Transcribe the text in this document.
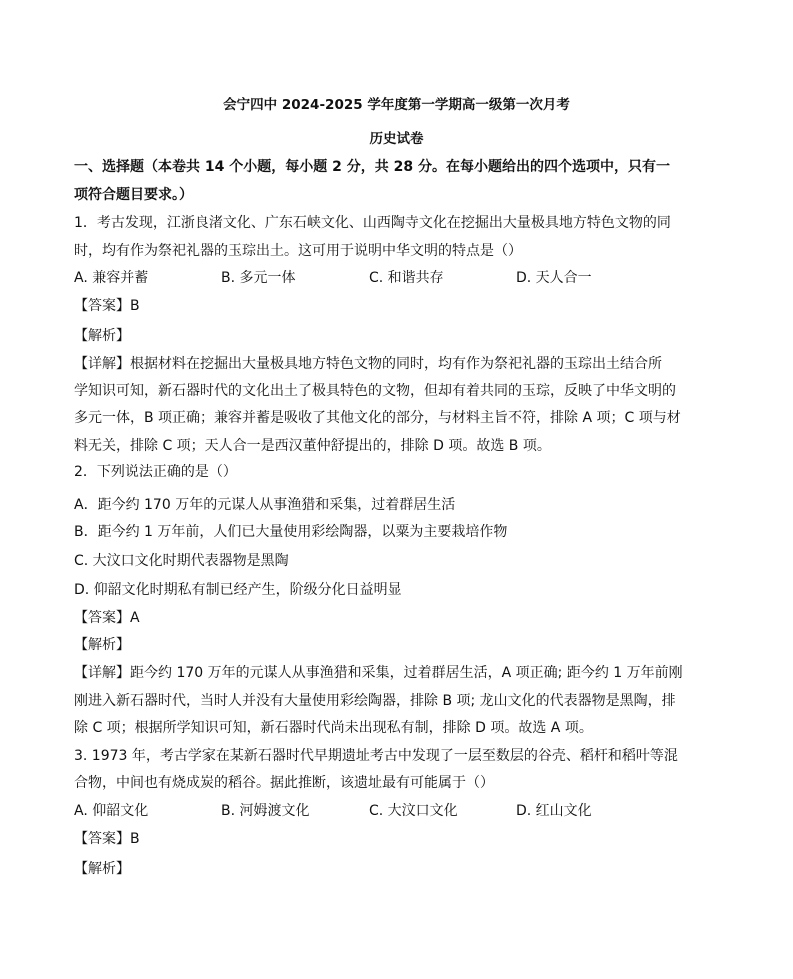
会宁四中 2024-2025 学年度第一学期高一级第一次月考
历史试卷
一、选择题（本卷共 14 个小题，每小题 2 分，共 28 分。在每小题给出的四个选项中，只有一
项符合题目要求。）
1．考古发现，江浙良渚文化、广东石峡文化、山西陶寺文化在挖掘出大量极具地方特色文物的同
时，均有作为祭祀礼器的玉琮出土。这可用于说明中华文明的特点是（）
A. 兼容并蓄	B. 多元一体	C. 和谐共存	D. 天人合一
【答案】B
【解析】
【详解】根据材料在挖掘出大量极具地方特色文物的同时，均有作为祭祀礼器的玉琮出土结合所
学知识可知，新石器时代的文化出土了极具特色的文物，但却有着共同的玉琮，反映了中华文明的
多元一体，B 项正确；兼容并蓄是吸收了其他文化的部分，与材料主旨不符，排除 A 项；C 项与材
料无关，排除 C 项；天人合一是西汉董仲舒提出的，排除 D 项。故选 B 项。
2．下列说法正确的是（）
A．距今约 170 万年的元谋人从事渔猎和采集，过着群居生活
B．距今约 1 万年前，人们已大量使用彩绘陶器，以粟为主要栽培作物
C. 大汶口文化时期代表器物是黑陶
D. 仰韶文化时期私有制已经产生，阶级分化日益明显
【答案】A
【解析】
【详解】距今约 170 万年的元谋人从事渔猎和采集，过着群居生活，A 项正确; 距今约 1 万年前刚
刚进入新石器时代，当时人并没有大量使用彩绘陶器，排除 B 项; 龙山文化的代表器物是黑陶，排
除 C 项；根据所学知识可知，新石器时代尚未出现私有制，排除 D 项。故选 A 项。
3. 1973 年，考古学家在某新石器时代早期遗址考古中发现了一层至数层的谷壳、稻杆和稻叶等混
合物，中间也有烧成炭的稻谷。据此推断，该遗址最有可能属于（）
A. 仰韶文化	B. 河姆渡文化	C. 大汶口文化	D. 红山文化
【答案】B
【解析】
